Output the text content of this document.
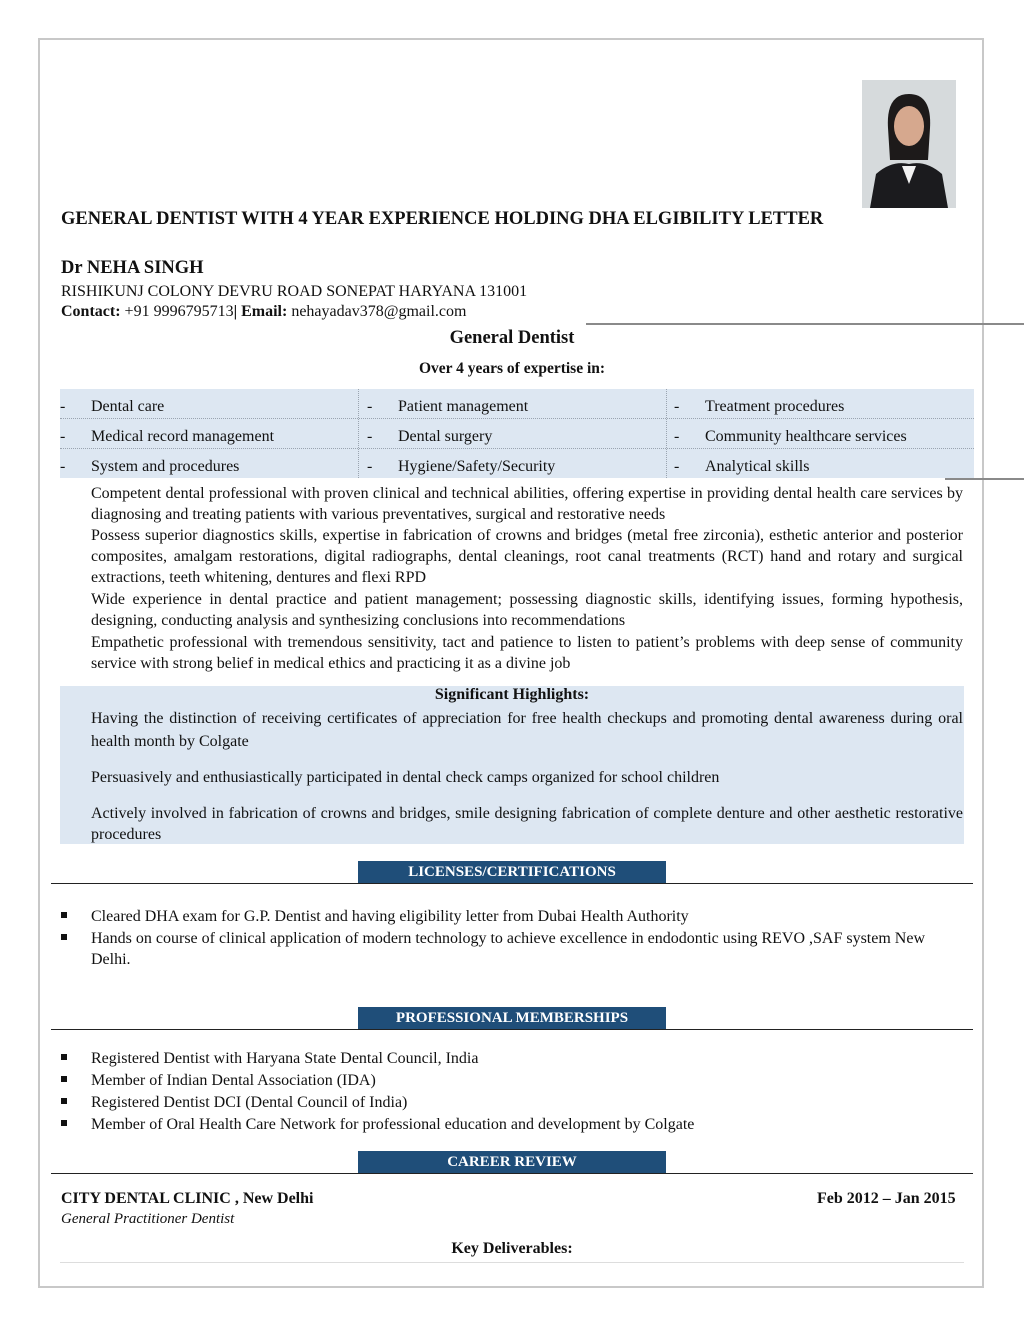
GENERAL DENTIST WITH 4 YEAR EXPERIENCE HOLDING DHA ELGIBILITY LETTER
Dr NEHA SINGH
RISHIKUNJ COLONY DEVRU ROAD SONEPAT HARYANA 131001
Contact: +91 9996795713| Email: nehayadav378@gmail.com
General Dentist
Over 4 years of expertise in:
- Dental care	- Patient management	- Treatment procedures
- Medical record management	- Dental surgery	- Community healthcare services
- System and procedures	- Hygiene/Safety/Security	- Analytical skills
Competent dental professional with proven clinical and technical abilities, offering expertise in providing dental health care services by diagnosing and treating patients with various preventatives, surgical and restorative needs
Possess superior diagnostics skills, expertise in fabrication of crowns and bridges (metal free zirconia), esthetic anterior and posterior composites, amalgam restorations, digital radiographs, dental cleanings, root canal treatments (RCT) hand and rotary and surgical extractions, teeth whitening, dentures and flexi RPD
Wide experience in dental practice and patient management; possessing diagnostic skills, identifying issues, forming hypothesis, designing, conducting analysis and synthesizing conclusions into recommendations
Empathetic professional with tremendous sensitivity, tact and patience to listen to patient’s problems with deep sense of community service with strong belief in medical ethics and practicing it as a divine job
Significant Highlights:
Having the distinction of receiving certificates of appreciation for free health checkups and promoting dental awareness during oral health month by Colgate
Persuasively and enthusiastically participated in dental check camps organized for school children
Actively involved in fabrication of crowns and bridges, smile designing fabrication of complete denture and other aesthetic restorative procedures
LICENSES/CERTIFICATIONS
Cleared DHA exam for G.P. Dentist and having eligibility letter from Dubai Health Authority
Hands on course of clinical application of modern technology to achieve excellence in endodontic using REVO ,SAF system New Delhi.
PROFESSIONAL MEMBERSHIPS
Registered Dentist with Haryana State Dental Council, India
Member of Indian Dental Association (IDA)
Registered Dentist DCI (Dental Council of India)
Member of Oral Health Care Network for professional education and development by Colgate
CAREER REVIEW
CITY DENTAL CLINIC , New Delhi	Feb 2012 – Jan 2015
General Practitioner Dentist
Key Deliverables:
